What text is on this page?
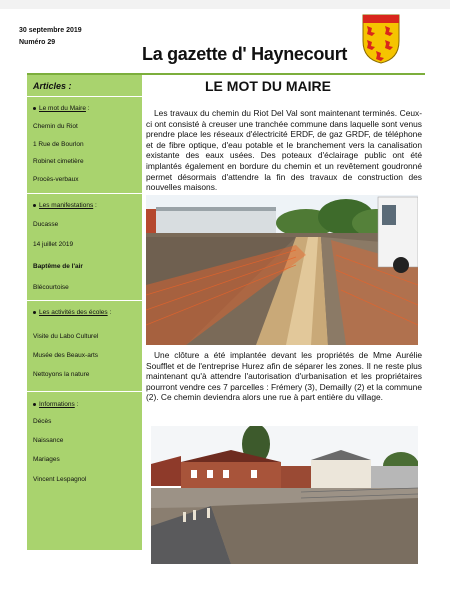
30 septembre 2019
Numéro 29
La gazette d' Haynecourt
Articles :
Le mot du Maire :
Chemin du Riot
1 Rue de Bourlon
Robinet cimetière
Procès-verbaux
Les manifestations :
Ducasse
14 juillet 2019
Baptême de l'air
Blécourtoise
Les activités des écoles :
Visite du Labo Culturel
Musée des Beaux-arts
Nettoyons la nature
Informations :
Décès
Naissance
Mariages
Vincent Lespagnol
LE MOT DU MAIRE
Les travaux du chemin du Riot Del Val sont maintenant terminés. Ceux-ci ont consisté à creuser une tranchée commune dans laquelle sont venus prendre place les réseaux d'électricité ERDF, de gaz GRDF, de téléphone et de fibre optique, d'eau potable et le branchement vers la canalisation existante des eaux usées. Des poteaux d'éclairage public ont été implantés également en bordure du chemin et un revêtement goudronné permet désormais d'attendre la fin des travaux de construction des nouvelles maisons.
Une clôture a été implantée devant les propriétés de Mme Aurélie Soufflet et de l'entreprise Hurez afin de séparer les zones. Il ne reste plus maintenant qu'à attendre l'autorisation d'urbanisation et les propriétaires pourront vendre ces 7 parcelles : Frémery (3), Demailly (2) et la commune (2). Ce chemin deviendra alors une rue à part entière du village.
